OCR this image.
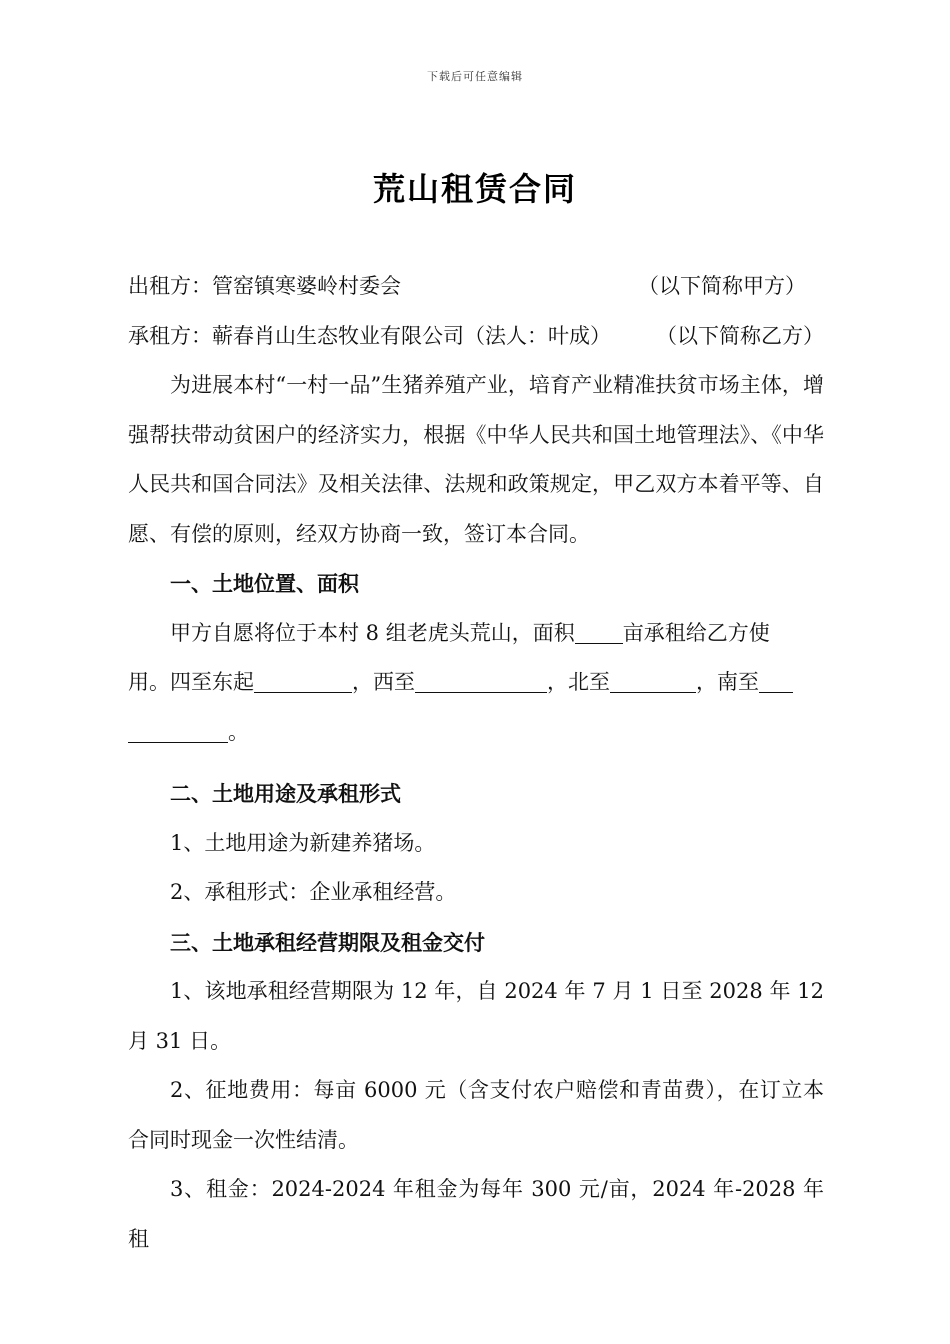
下载后可任意编辑
荒山租赁合同
出租方：管窑镇寒婆岭村委会	（以下简称甲方）
承租方：蕲春肖山生态牧业有限公司（法人：叶成） （以下简称乙方）

为进展本村“一村一品”生猪养殖产业，培育产业精准扶贫市场主体，增强帮扶带动贫困户的经济实力，根据《中华人民共和国土地管理法》、《中华人民共和国合同法》及相关法律、法规和政策规定，甲乙双方本着平等、自愿、有偿的原则，经双方协商一致，签订本合同。

一、土地位置、面积

甲方自愿将位于本村 8 组老虎头荒山，面积 亩承租给乙方使
用。四至东起	，西至	，北至	，南至
。

二、土地用途及承租形式

1、土地用途为新建养猪场。

2、承租形式：企业承租经营。

三、土地承租经营期限及租金交付

1、该地承租经营期限为 12 年，自 2024 年 7 月 1 日至 2028 年 12 月 31 日。

2、征地费用：每亩 6000 元（含支付农户赔偿和青苗费），在订立本合同时现金一次性结清。

3、租金：2024-2024 年租金为每年 300 元/亩，2024 年-2028 年租
